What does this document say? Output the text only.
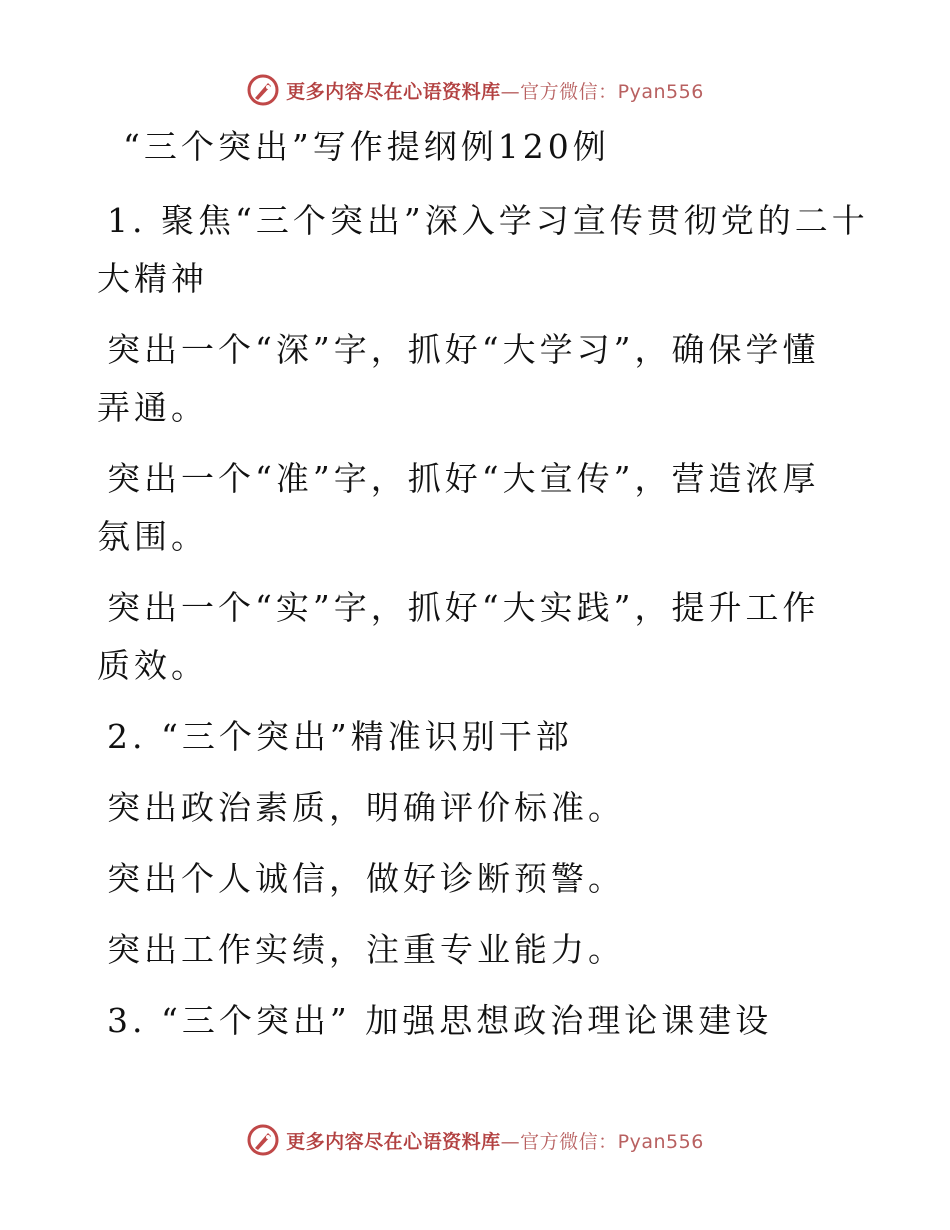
更多内容尽在心语资料库—官方微信：Pyan556
“三个突出”写作提纲例120例
1. 聚焦“三个突出”深入学习宣传贯彻党的二十
大精神
突出一个“深”字，抓好“大学习”，确保学懂
弄通。
突出一个“准”字，抓好“大宣传”，营造浓厚
氛围。
突出一个“实”字，抓好“大实践”，提升工作
质效。
2. “三个突出”精准识别干部
突出政治素质，明确评价标准。
突出个人诚信，做好诊断预警。
突出工作实绩，注重专业能力。
3. “三个突出” 加强思想政治理论课建设
更多内容尽在心语资料库—官方微信：Pyan556
